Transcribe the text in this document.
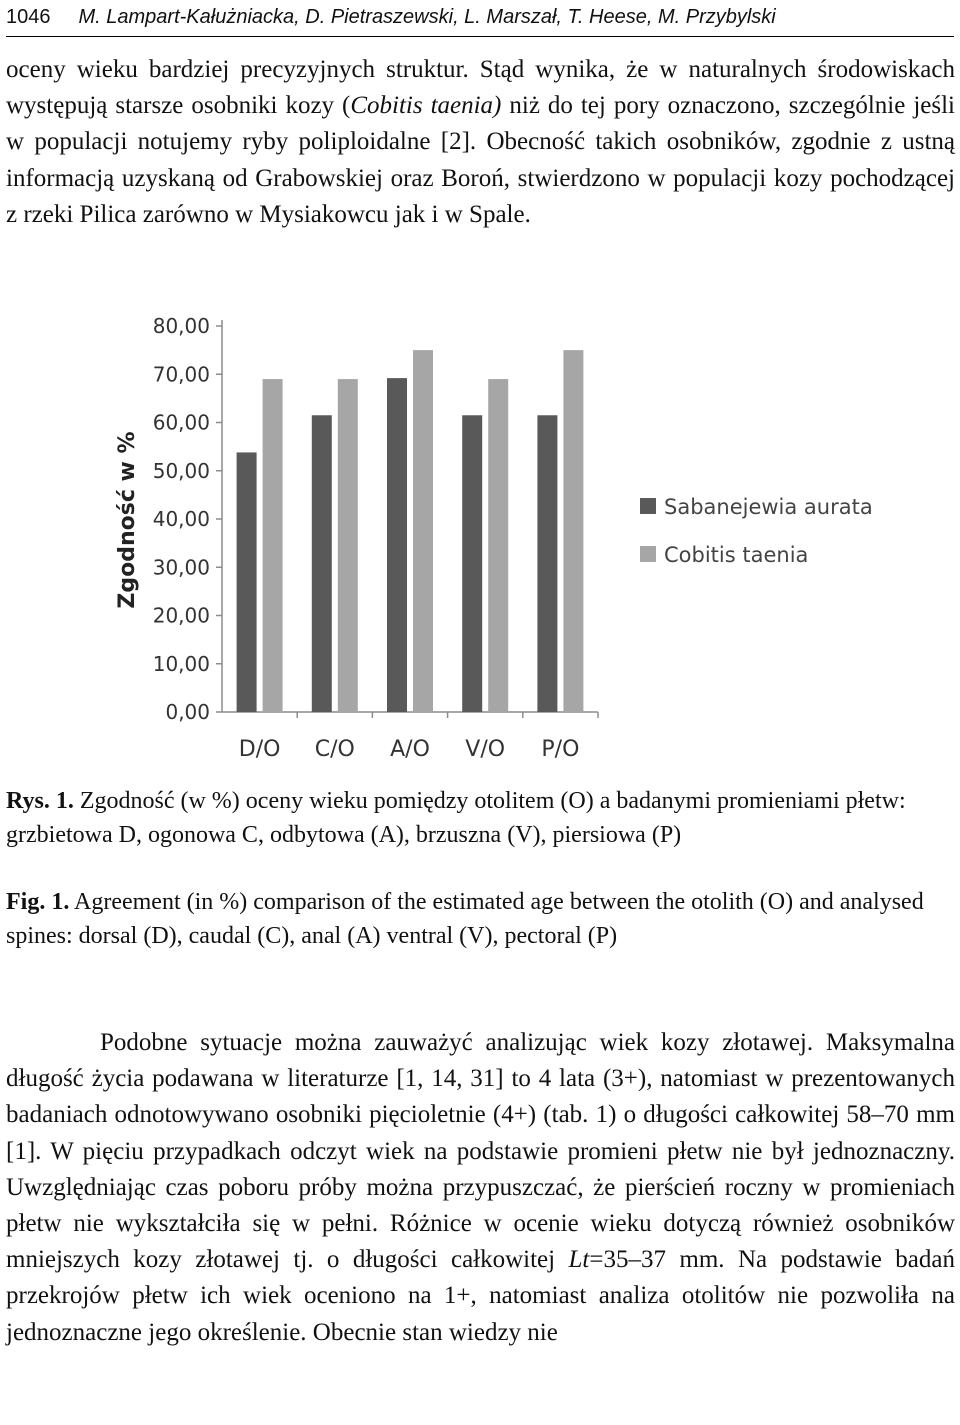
1046 M. Lampart-Kałużniacka, D. Pietraszewski, L. Marszał, T. Heese, M. Przybylski

oceny wieku bardziej precyzyjnych struktur. Stąd wynika, że w naturalnych środowiskach występują starsze osobniki kozy (Cobitis taenia) niż do tej pory oznaczono, szczególnie jeśli w populacji notujemy ryby poliploidalne [2]. Obecność takich osobników, zgodnie z ustną informacją uzyskaną od Grabowskiej oraz Boroń, stwierdzono w populacji kozy pochodzącej z rzeki Pilica zarówno w Mysiakowcu jak i w Spale.

0,00
10,00
20,00
30,00
40,00
50,00
60,00
70,00
80,00
D/O C/O A/O V/O P/O
Sabanejewia aurata
Cobitis taenia
Zgodność w %

Rys. 1. Zgodność (w %) oceny wieku pomiędzy otolitem (O) a badanymi promieniami płetw: grzbietowa D, ogonowa C, odbytowa (A), brzuszna (V), piersiowa (P)

Fig. 1. Agreement (in %) comparison of the estimated age between the otolith (O) and analysed spines: dorsal (D), caudal (C), anal (A) ventral (V), pectoral (P)

Podobne sytuacje można zauważyć analizując wiek kozy złotawej. Maksymalna długość życia podawana w literaturze [1, 14, 31] to 4 lata (3+), natomiast w prezentowanych badaniach odnotowywano osobniki pięcioletnie (4+) (tab. 1) o długości całkowitej 58–70 mm [1]. W pięciu przypadkach odczyt wiek na podstawie promieni płetw nie był jednoznaczny. Uwzględniając czas poboru próby można przypuszczać, że pierścień roczny w promieniach płetw nie wykształciła się w pełni. Różnice w ocenie wieku dotyczą również osobników mniejszych kozy złotawej tj. o długości całkowitej Lt=35–37 mm. Na podstawie badań przekrojów płetw ich wiek oceniono na 1+, natomiast analiza otolitów nie pozwoliła na jednoznaczne jego określenie. Obecnie stan wiedzy nie
